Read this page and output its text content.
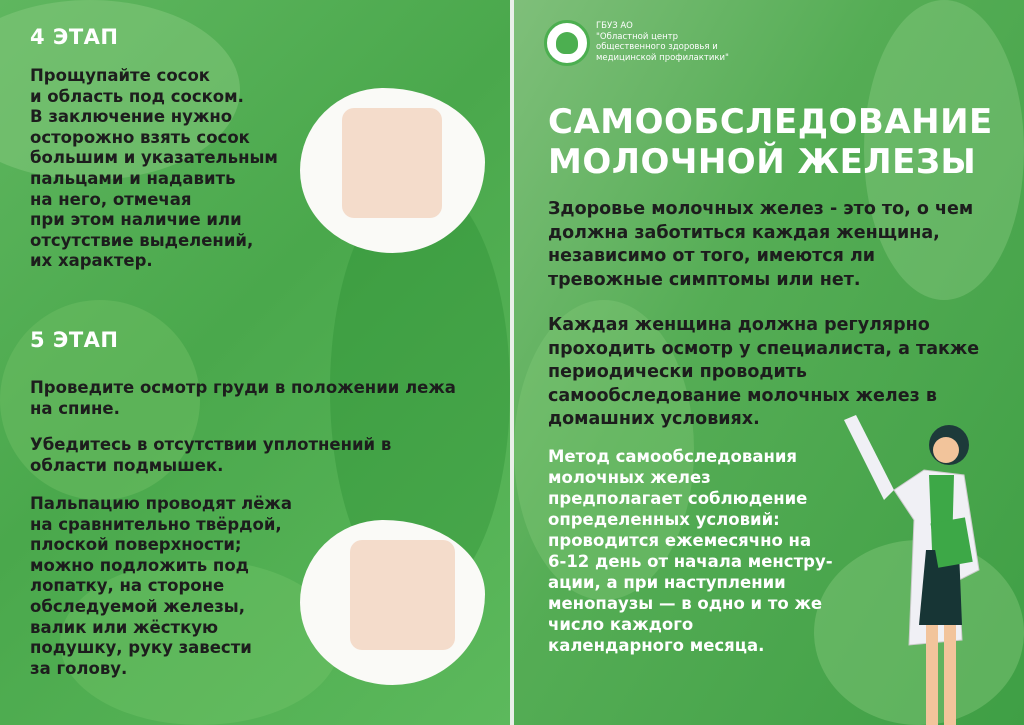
4 ЭТАП
Прощупайте сосок
и область под соском.
В заключение нужно
осторожно взять сосок
большим и указательным
пальцами и надавить
на него, отмечая
при этом наличие или
отсутствие выделений,
их характер.
5 ЭТАП
Проведите осмотр груди в положении лежа
на спине.
Убедитесь в отсутствии уплотнений в
области подмышек.
Пальпацию проводят лёжа
на сравнительно твёрдой,
плоской поверхности;
можно подложить под
лопатку, на стороне
обследуемой железы,
валик или жёсткую
подушку, руку завести
за голову.
ГБУЗ АО
"Областной центр
общественного здоровья и
медицинской профилактики"
САМООБСЛЕДОВАНИЕ
МОЛОЧНОЙ ЖЕЛЕЗЫ
Здоровье молочных желез - это то, о чем
должна заботиться каждая женщина,
независимо от того, имеются ли
тревожные симптомы или нет.
Каждая женщина должна регулярно
проходить осмотр у специалиста, а также
периодически проводить
самообследование молочных желез в
домашних условиях.
Метод самообследования
молочных желез
предполагает соблюдение
определенных условий:
проводится ежемесячно на
6-12 день от начала менстру-
ации, а при наступлении
менопаузы — в одно и то же
число каждого
календарного месяца.
